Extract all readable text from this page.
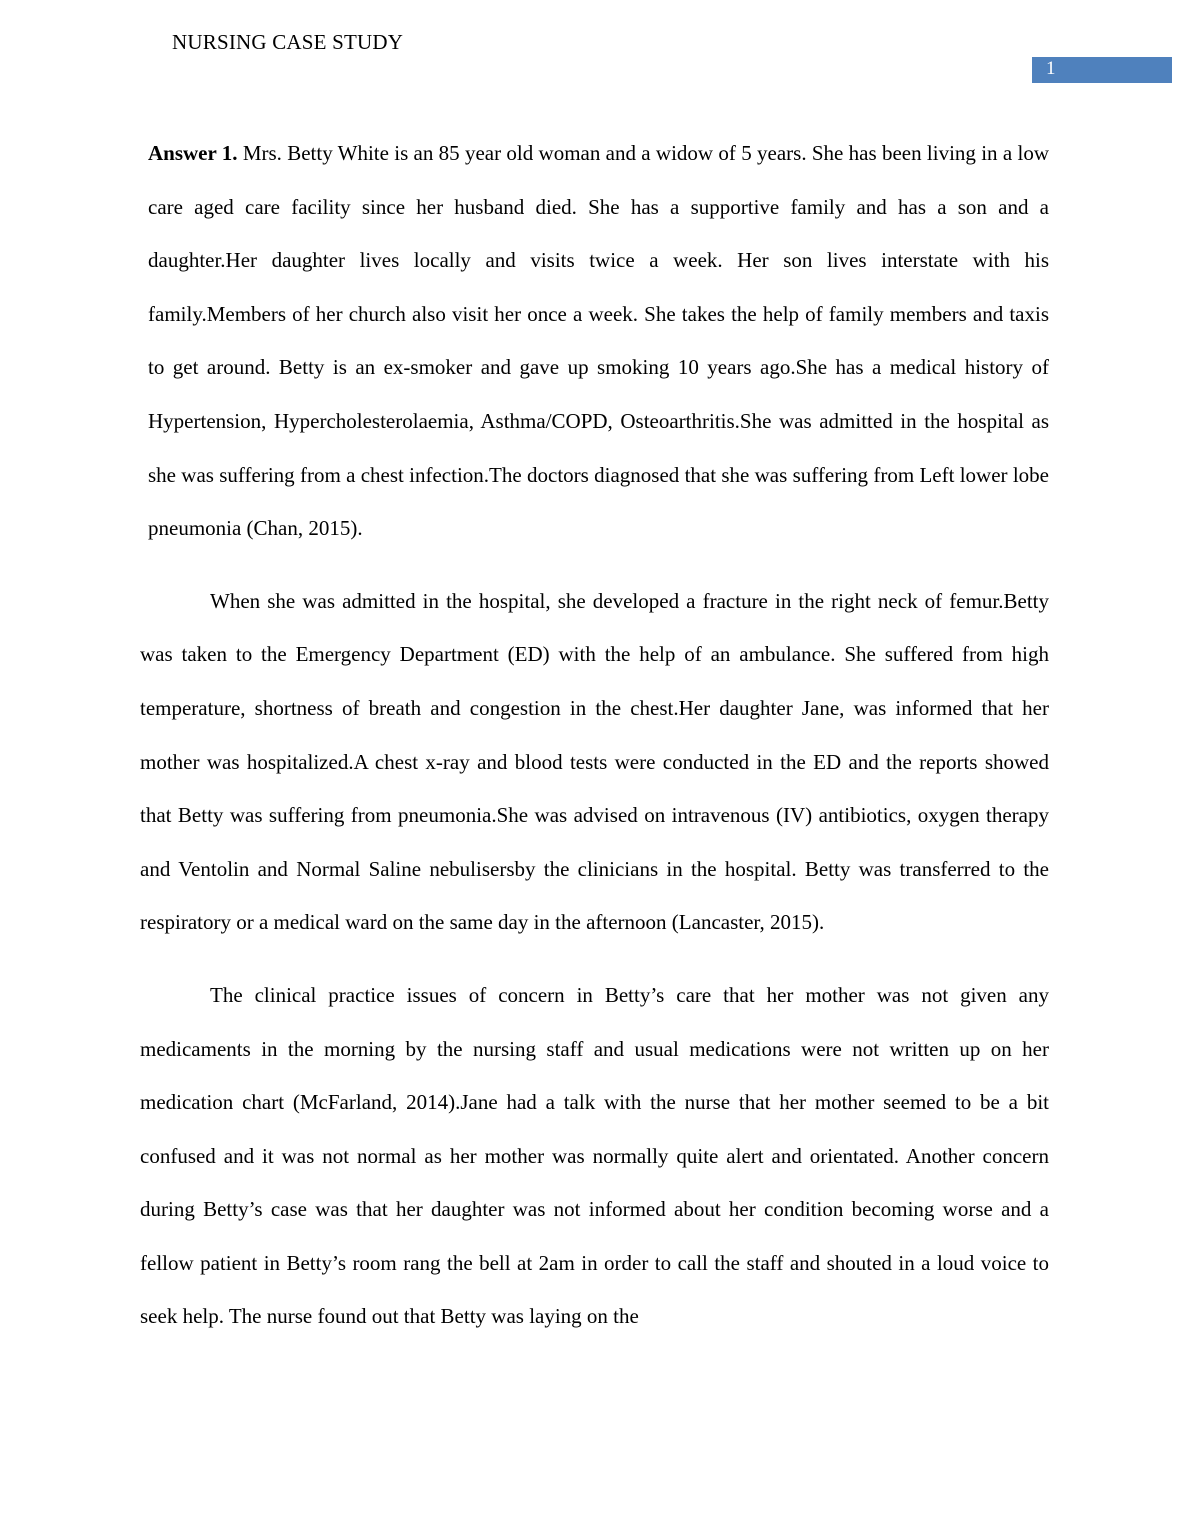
NURSING CASE STUDY
1

Answer 1. Mrs. Betty White is an 85 year old woman and a widow of 5 years. She has been living in a low care aged care facility since her husband died. She has a supportive family and has a son and a daughter.Her daughter lives locally and visits twice a week. Her son lives interstate with his family.Members of her church also visit her once a week. She takes the help of family members and taxis to get around. Betty is an ex-smoker and gave up smoking 10 years ago.She has a medical history of Hypertension, Hypercholesterolaemia, Asthma/COPD, Osteoarthritis.She was admitted in the hospital as she was suffering from a chest infection.The doctors diagnosed that she was suffering from Left lower lobe pneumonia (Chan, 2015).

When she was admitted in the hospital, she developed a fracture in the right neck of femur.Betty was taken to the Emergency Department (ED) with the help of an ambulance. She suffered from high temperature, shortness of breath and congestion in the chest.Her daughter Jane, was informed that her mother was hospitalized.A chest x-ray and blood tests were conducted in the ED and the reports showed that Betty was suffering from pneumonia.She was advised on intravenous (IV) antibiotics, oxygen therapy and Ventolin and Normal Saline nebulisersby the clinicians in the hospital. Betty was transferred to the respiratory or a medical ward on the same day in the afternoon (Lancaster, 2015).

The clinical practice issues of concern in Betty’s care that her mother was not given any medicaments in the morning by the nursing staff and usual medications were not written up on her medication chart (McFarland, 2014).Jane had a talk with the nurse that her mother seemed to be a bit confused and it was not normal as her mother was normally quite alert and orientated. Another concern during Betty’s case was that her daughter was not informed about her condition becoming worse and a fellow patient in Betty’s room rang the bell at 2am in order to call the staff and shouted in a loud voice to seek help. The nurse found out that Betty was laying on the
